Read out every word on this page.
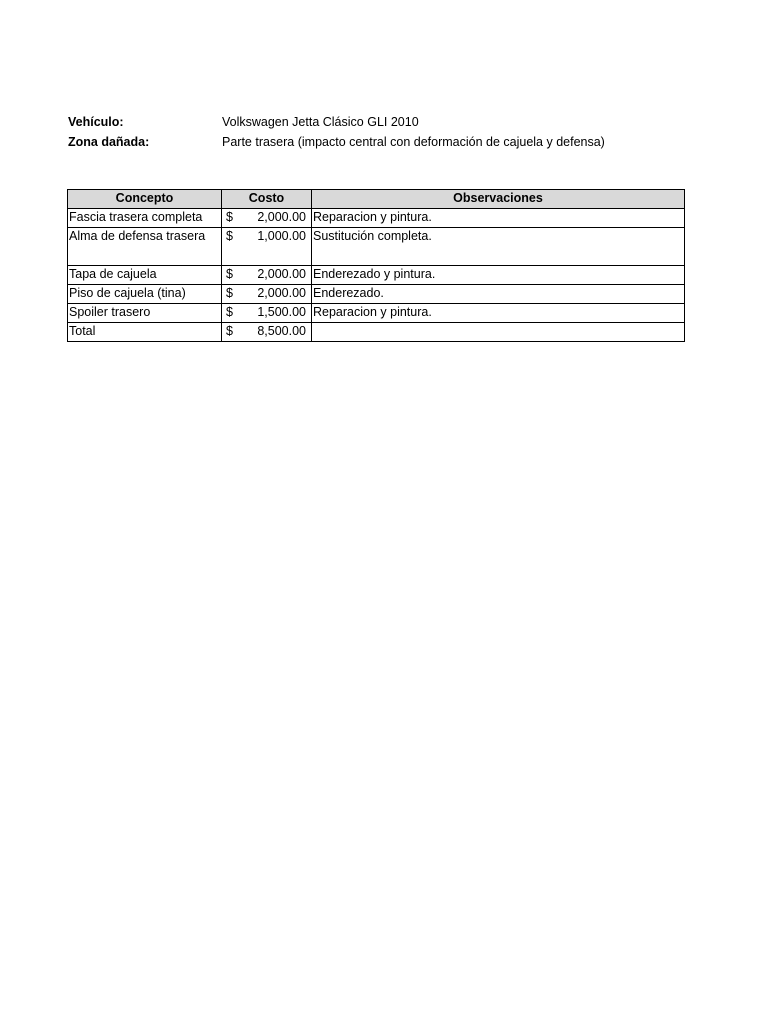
Vehículo:	Volkswagen Jetta Clásico GLI 2010
Zona dañada:	Parte trasera (impacto central con deformación de cajuela y defensa)
Concepto	Costo	Observaciones
Fascia trasera completa	$ 2,000.00	Reparacion y pintura.
Alma de defensa trasera	$ 1,000.00	Sustitución completa.
Tapa de cajuela	$ 2,000.00	Enderezado y pintura.
Piso de cajuela (tina)	$ 2,000.00	Enderezado.
Spoiler trasero	$ 1,500.00	Reparacion y pintura.
Total	$ 8,500.00	
